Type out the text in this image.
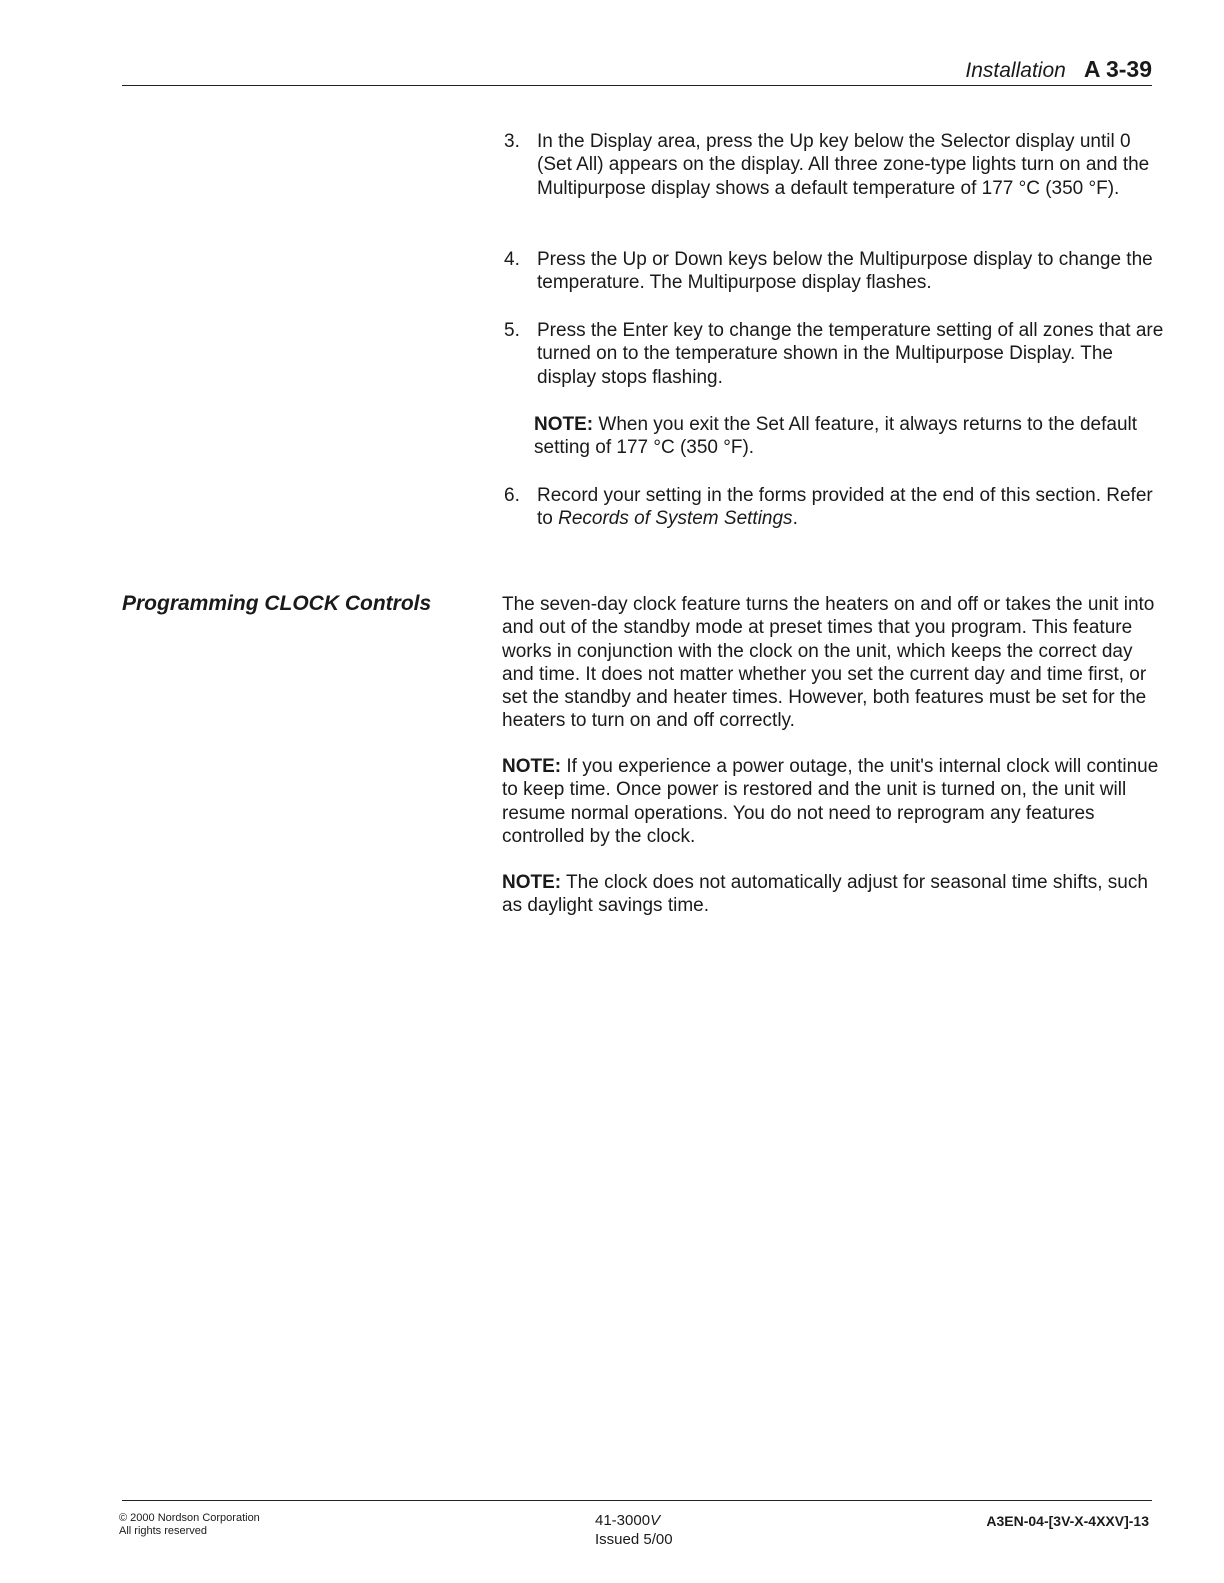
Installation A 3-39
3. In the Display area, press the Up key below the Selector display until 0 (Set All) appears on the display. All three zone-type lights turn on and the Multipurpose display shows a default temperature of 177 °C (350 °F).
4. Press the Up or Down keys below the Multipurpose display to change the temperature. The Multipurpose display flashes.
5. Press the Enter key to change the temperature setting of all zones that are turned on to the temperature shown in the Multipurpose Display. The display stops flashing.
NOTE: When you exit the Set All feature, it always returns to the default setting of 177 °C (350 °F).
6. Record your setting in the forms provided at the end of this section. Refer to Records of System Settings.
Programming CLOCK Controls	The seven-day clock feature turns the heaters on and off or takes the unit into and out of the standby mode at preset times that you program. This feature works in conjunction with the clock on the unit, which keeps the correct day and time. It does not matter whether you set the current day and time first, or set the standby and heater times. However, both features must be set for the heaters to turn on and off correctly.
NOTE: If you experience a power outage, the unit's internal clock will continue to keep time. Once power is restored and the unit is turned on, the unit will resume normal operations. You do not need to reprogram any features controlled by the clock.
NOTE: The clock does not automatically adjust for seasonal time shifts, such as daylight savings time.
© 2000 Nordson Corporation
All rights reserved
41-3000V
Issued 5/00
A3EN-04-[3V-X-4XXV]-13
